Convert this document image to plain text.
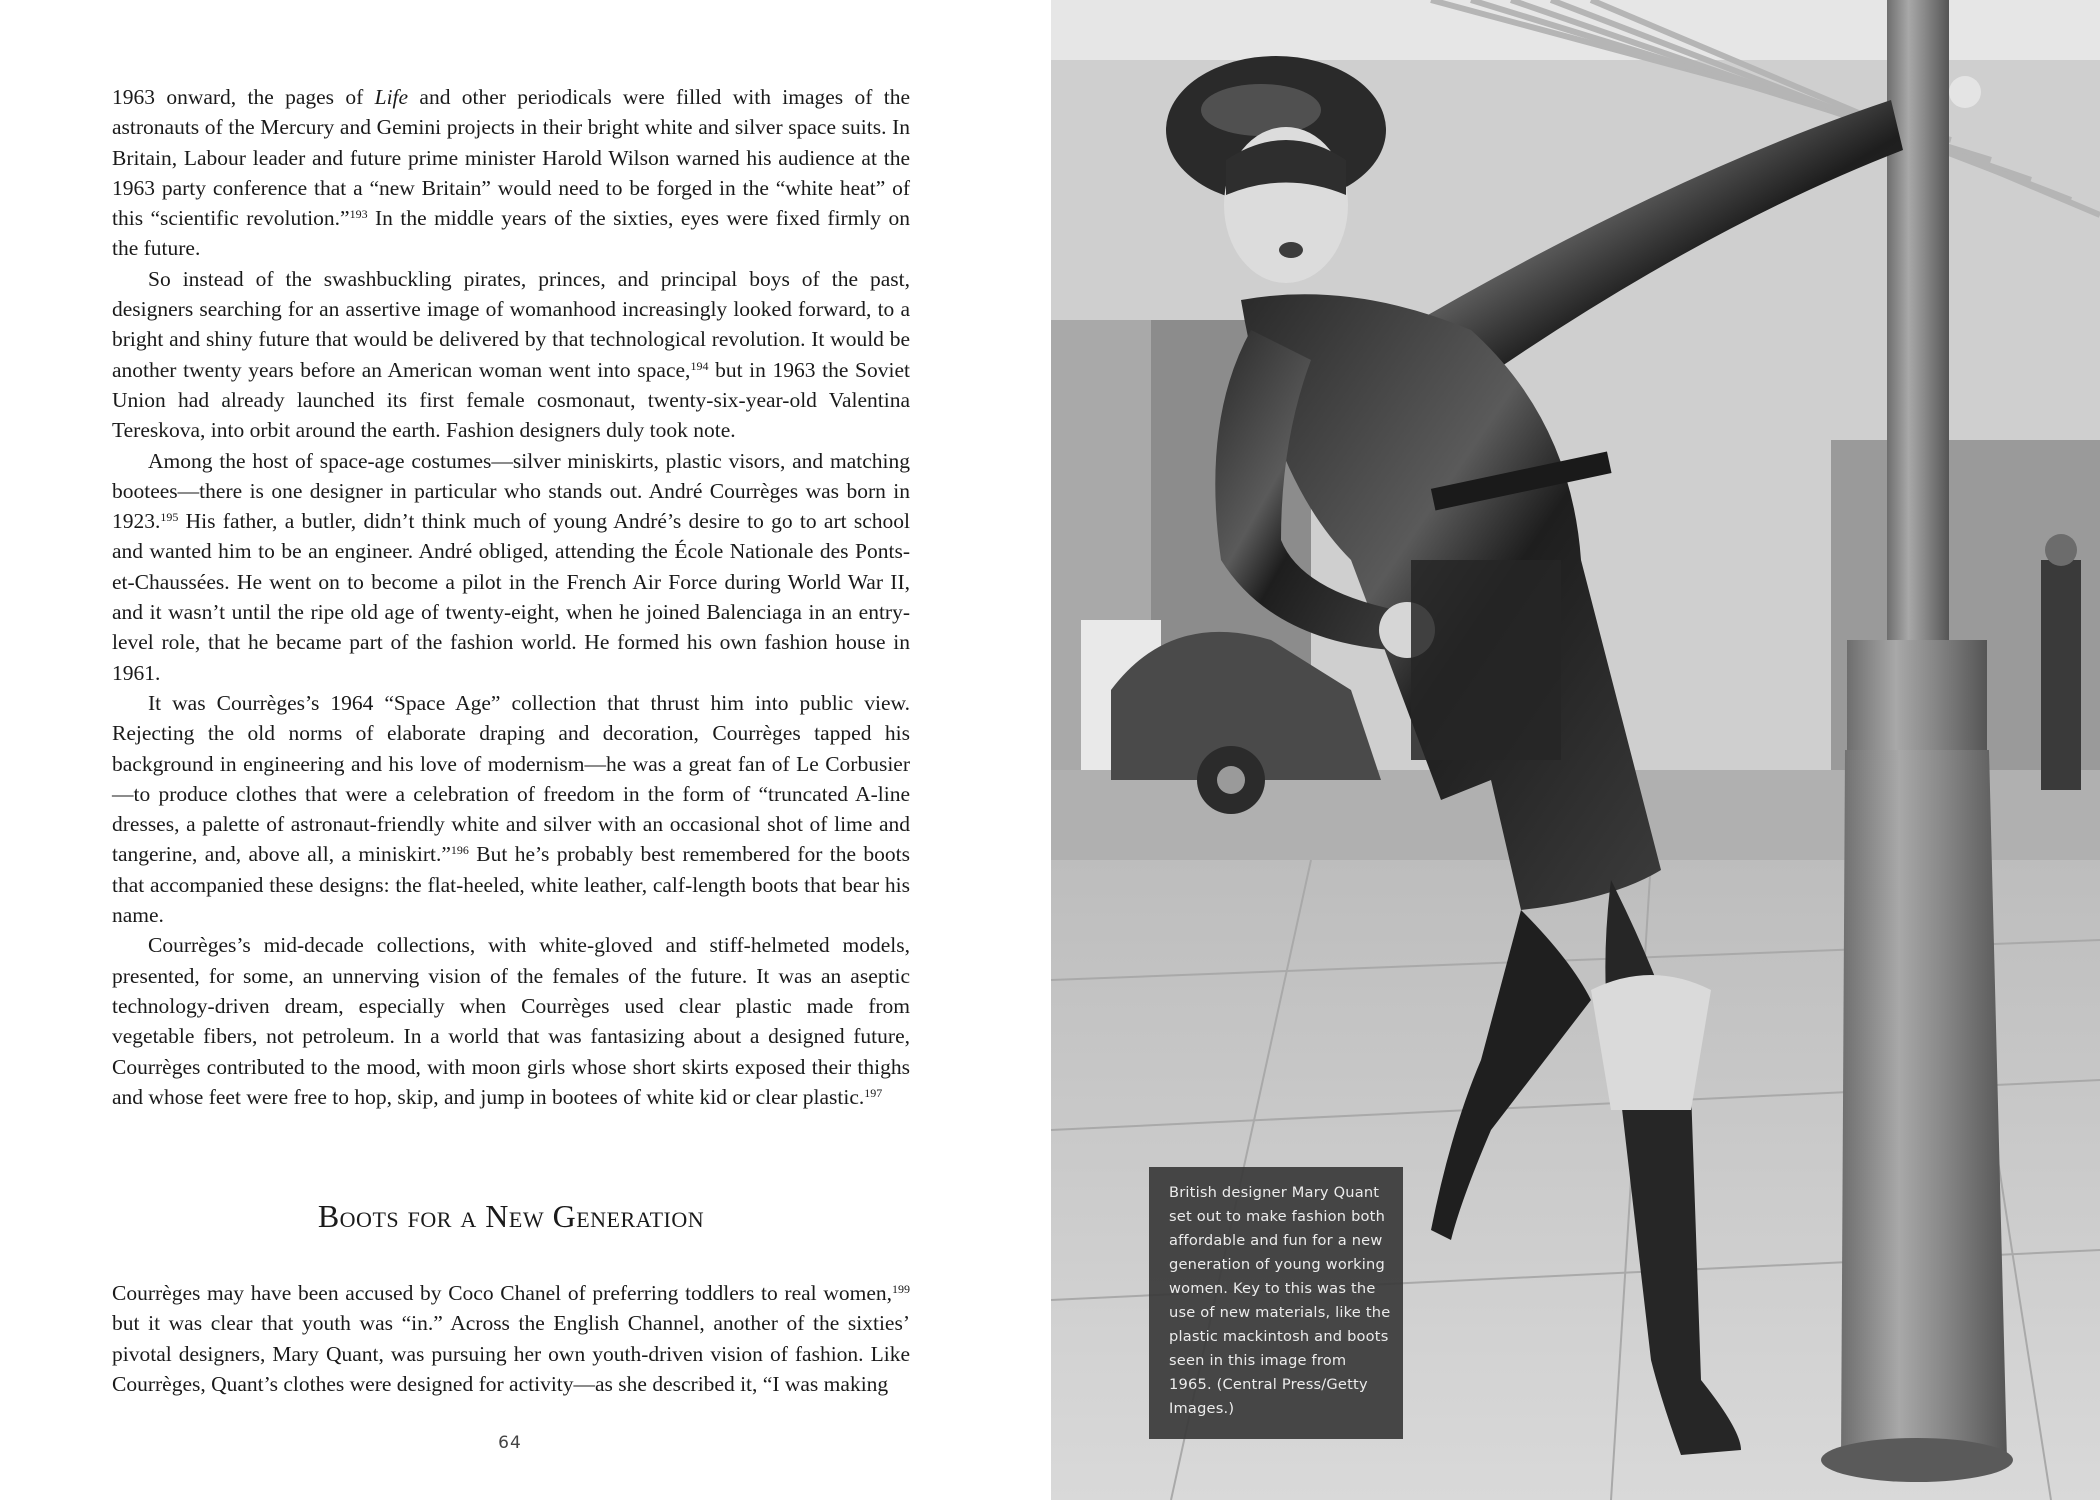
1963 onward, the pages of Life and other periodicals were filled with images of the astronauts of the Mercury and Gemini projects in their bright white and silver space suits. In Britain, Labour leader and future prime minister Harold Wilson warned his audience at the 1963 party conference that a “new Britain” would need to be forged in the “white heat” of this “scientific revolution.”$^{193}$ In the middle years of the sixties, eyes were fixed firmly on the future.

So instead of the swashbuckling pirates, princes, and principal boys of the past, designers searching for an assertive image of womanhood increasingly looked forward, to a bright and shiny future that would be delivered by that technological revolution. It would be another twenty years before an American woman went into space,$^{194}$ but in 1963 the Soviet Union had already launched its first female cosmonaut, twenty-six-year-old Valentina Tereskova, into orbit around the earth. Fashion designers duly took note.

Among the host of space-age costumes—silver miniskirts, plastic visors, and matching bootees—there is one designer in particular who stands out. André Courrèges was born in 1923.$^{195}$ His father, a butler, didn’t think much of young André’s desire to go to art school and wanted him to be an engineer. André obliged, attending the École Nationale des Ponts-et-Chaussées. He went on to become a pilot in the French Air Force during World War II, and it wasn’t until the ripe old age of twenty-eight, when he joined Balenciaga in an entry-level role, that he became part of the fashion world. He formed his own fashion house in 1961.

It was Courrèges’s 1964 “Space Age” collection that thrust him into public view. Rejecting the old norms of elaborate draping and decoration, Courrèges tapped his background in engineering and his love of modernism—he was a great fan of Le Corbusier—to produce clothes that were a celebration of freedom in the form of “truncated A-line dresses, a palette of astronaut-friendly white and silver with an occasional shot of lime and tangerine, and, above all, a miniskirt.”$^{196}$ But he’s probably best remembered for the boots that accompanied these designs: the flat-heeled, white leather, calf-length boots that bear his name.

Courrèges’s mid-decade collections, with white-gloved and stiff-helmeted models, presented, for some, an unnerving vision of the females of the future. It was an aseptic technology-driven dream, especially when Courrèges used clear plastic made from vegetable fibers, not petroleum. In a world that was fantasizing about a designed future, Courrèges contributed to the mood, with moon girls whose short skirts exposed their thighs and whose feet were free to hop, skip, and jump in bootees of white kid or clear plastic.$^{197}$

Boots for a New Generation

Courrèges may have been accused by Coco Chanel of preferring toddlers to real women,$^{199}$ but it was clear that youth was “in.” Across the English Channel, another of the sixties’ pivotal designers, Mary Quant, was pursuing her own youth-driven vision of fashion. Like Courrèges, Quant’s clothes were designed for activity—as she described it, “I was making

64
British designer Mary Quant set out to make fashion both affordable and fun for a new generation of young working women. Key to this was the use of new materials, like the plastic mackintosh and boots seen in this image from 1965. (Central Press/Getty Images.)
